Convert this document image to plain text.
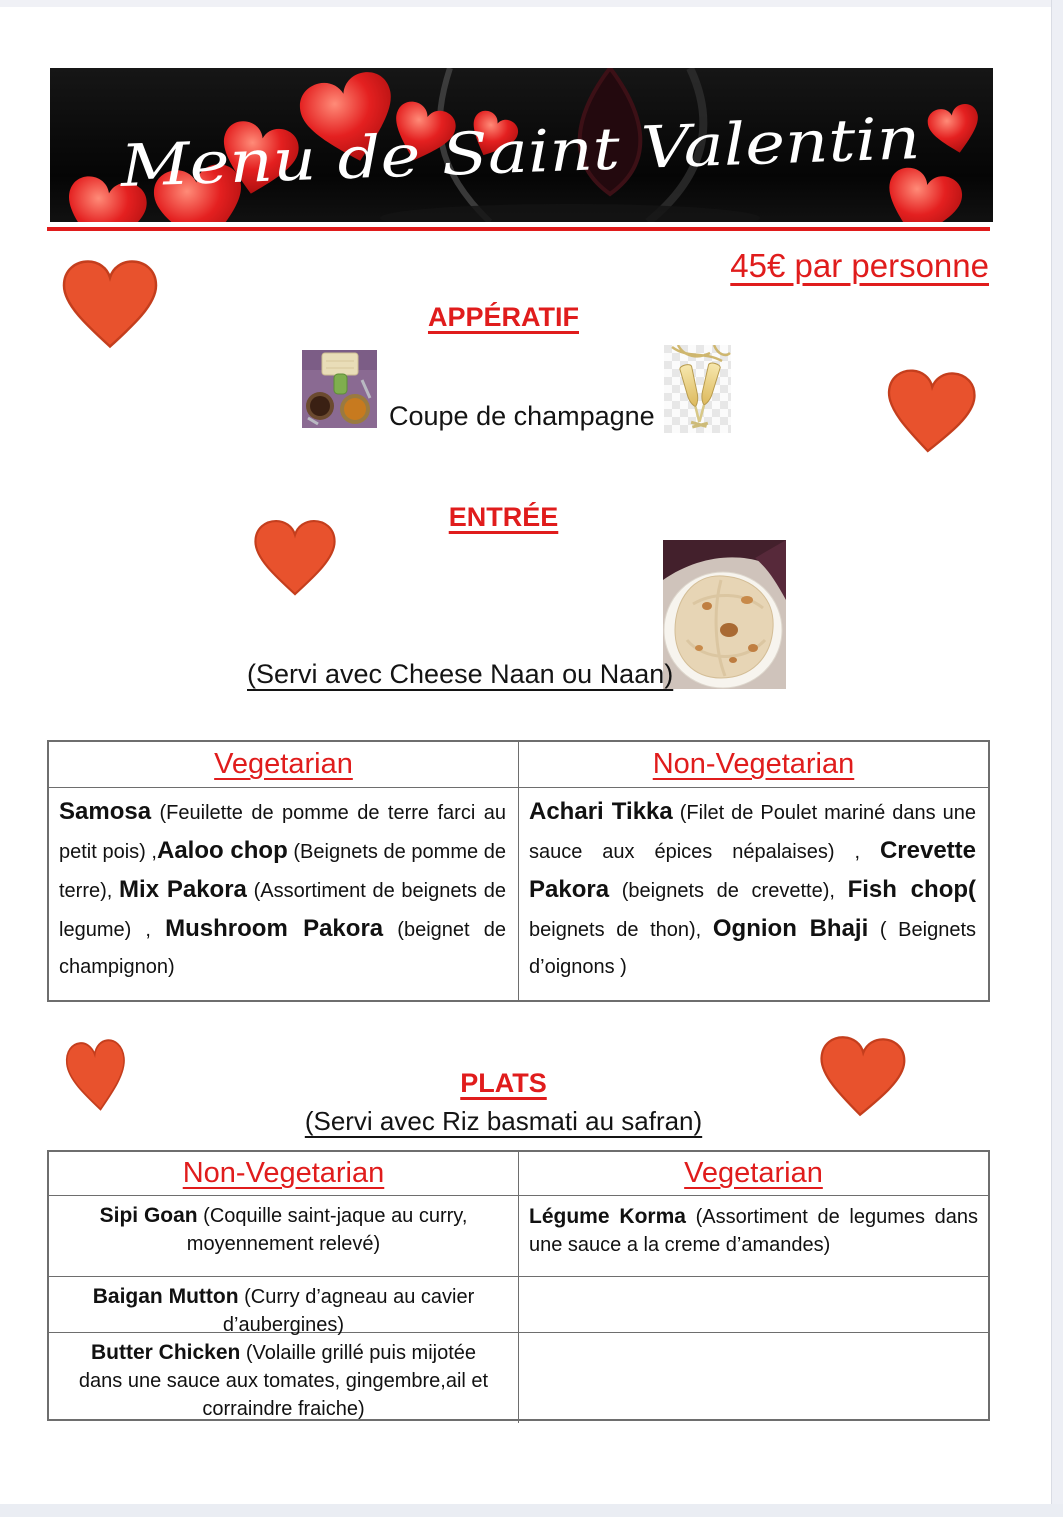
Menu de Saint Valentin
45€ par personne
APPÉRATIF
Coupe de champagne
ENTRÉE
(Servi avec Cheese Naan ou Naan)
Vegetarian	Non-Vegetarian
Samosa (Feuilette de pomme de terre farci au petit pois) ,Aaloo chop (Beignets de pomme de terre), Mix Pakora (Assortiment de beignets de legume) , Mushroom Pakora (beignet de champignon)
Achari Tikka (Filet de Poulet mariné dans une sauce aux épices népalaises) , Crevette Pakora (beignets de crevette), Fish chop( beignets de thon), Ognion Bhaji ( Beignets d’oignons )
PLATS
(Servi avec Riz basmati au safran)
Non-Vegetarian	Vegetarian
Sipi Goan (Coquille saint-jaque au curry, moyennement relevé)
Légume Korma (Assortiment de legumes dans une sauce a la creme d’amandes)
Baigan Mutton (Curry d’agneau au cavier d’aubergines)
Butter Chicken (Volaille grillé puis mijotée dans une sauce aux tomates, gingembre,ail et corraindre fraiche)
